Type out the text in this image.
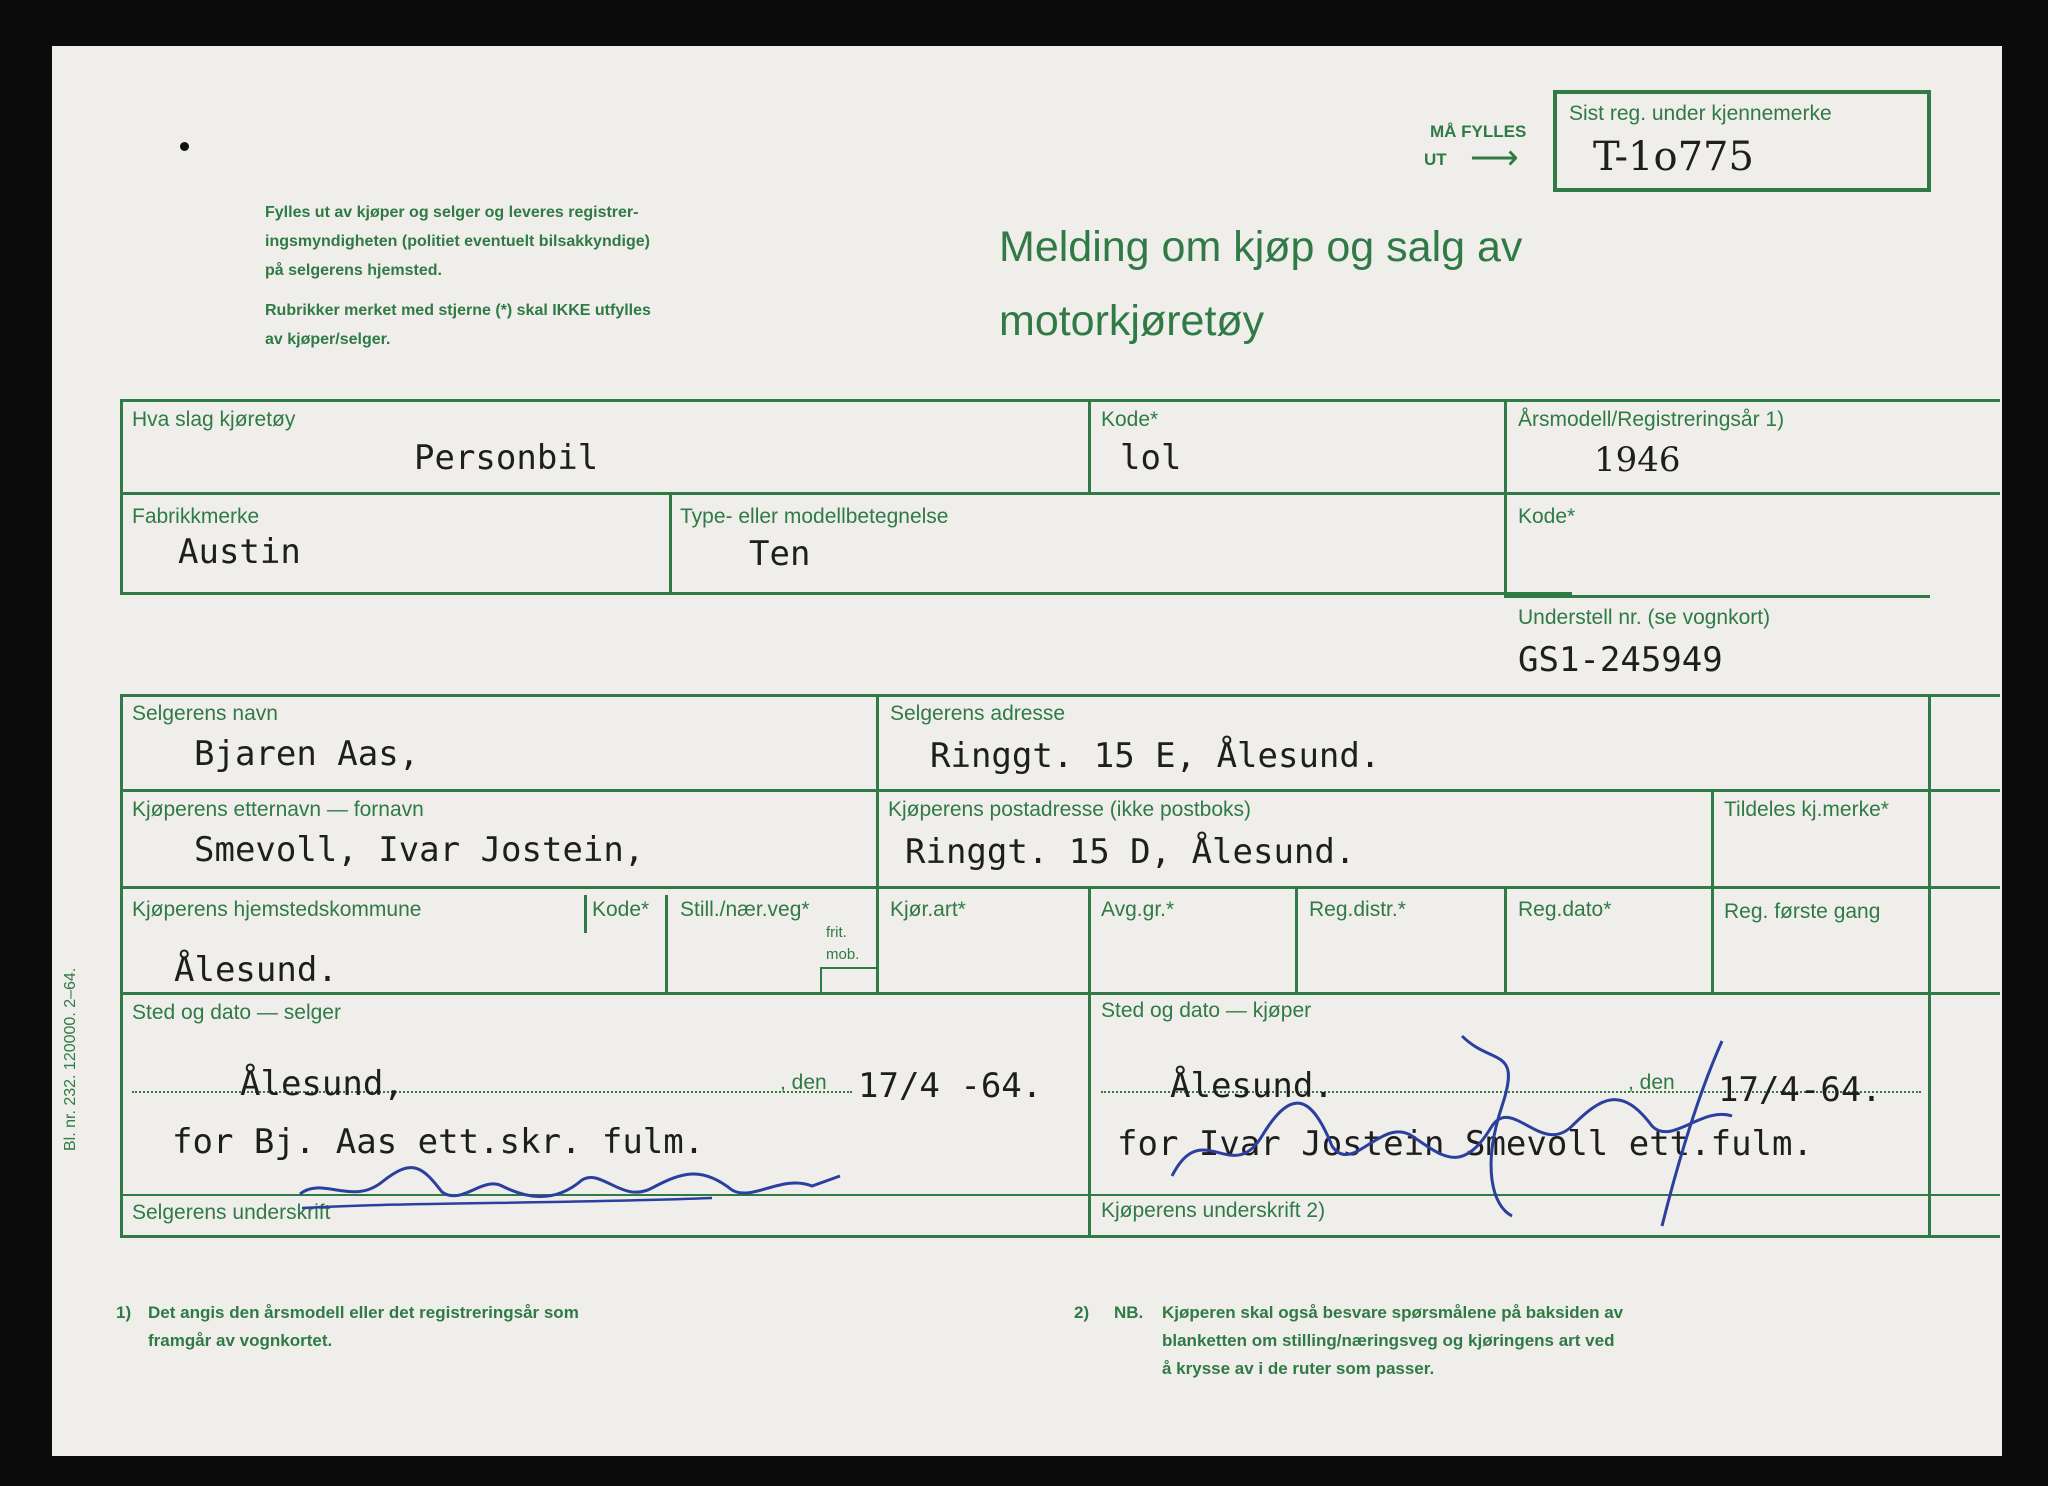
MÅ FYLLES
UT ⟶
Sist reg. under kjennemerke
T-1o775
Fylles ut av kjøper og selger og leveres registrer-
ingsmyndigheten (politiet eventuelt bilsakkyndige)
på selgerens hjemsted.
Rubrikker merket med stjerne (*) skal IKKE utfylles
av kjøper/selger.
Melding om kjøp og salg av
motorkjøretøy
Bl. nr. 232. 120000. 2–64.
Hva slag kjøretøy
Personbil
Kode*
lol
Årsmodell/Registreringsår 1)
1946
Fabrikkmerke
Austin
Type- eller modellbetegnelse
Ten
Kode*
Understell nr. (se vognkort)
GS1-245949
Selgerens navn
Bjaren Aas,
Selgerens adresse
Ringgt. 15 E, Ålesund.
Kjøperens etternavn — fornavn
Smevoll, Ivar Jostein,
Kjøperens postadresse (ikke postboks)
Ringgt. 15 D, Ålesund.
Tildeles kj.merke*
Kjøperens hjemstedskommune
Ålesund.
Kode* Still./nær.veg*
frit.
mob.
Kjør.art*	Avg.gr.*	Reg.distr.*	Reg.dato*	Reg. første gang
Sted og dato — selger	Sted og dato — kjøper
Ålesund,	, den 17/4 -64.	Ålesund.	, den 17/4-64.
for Bj. Aas ett.skr. fulm.	for Ivar Jostein Smevoll ett.fulm.
Selgerens underskrift	Kjøperens underskrift 2)
1) Det angis den årsmodell eller det registreringsår som
framgår av vognkortet.
2) NB. Kjøperen skal også besvare spørsmålene på baksiden av
blanketten om stilling/næringsveg og kjøringens art ved
å krysse av i de ruter som passer.
